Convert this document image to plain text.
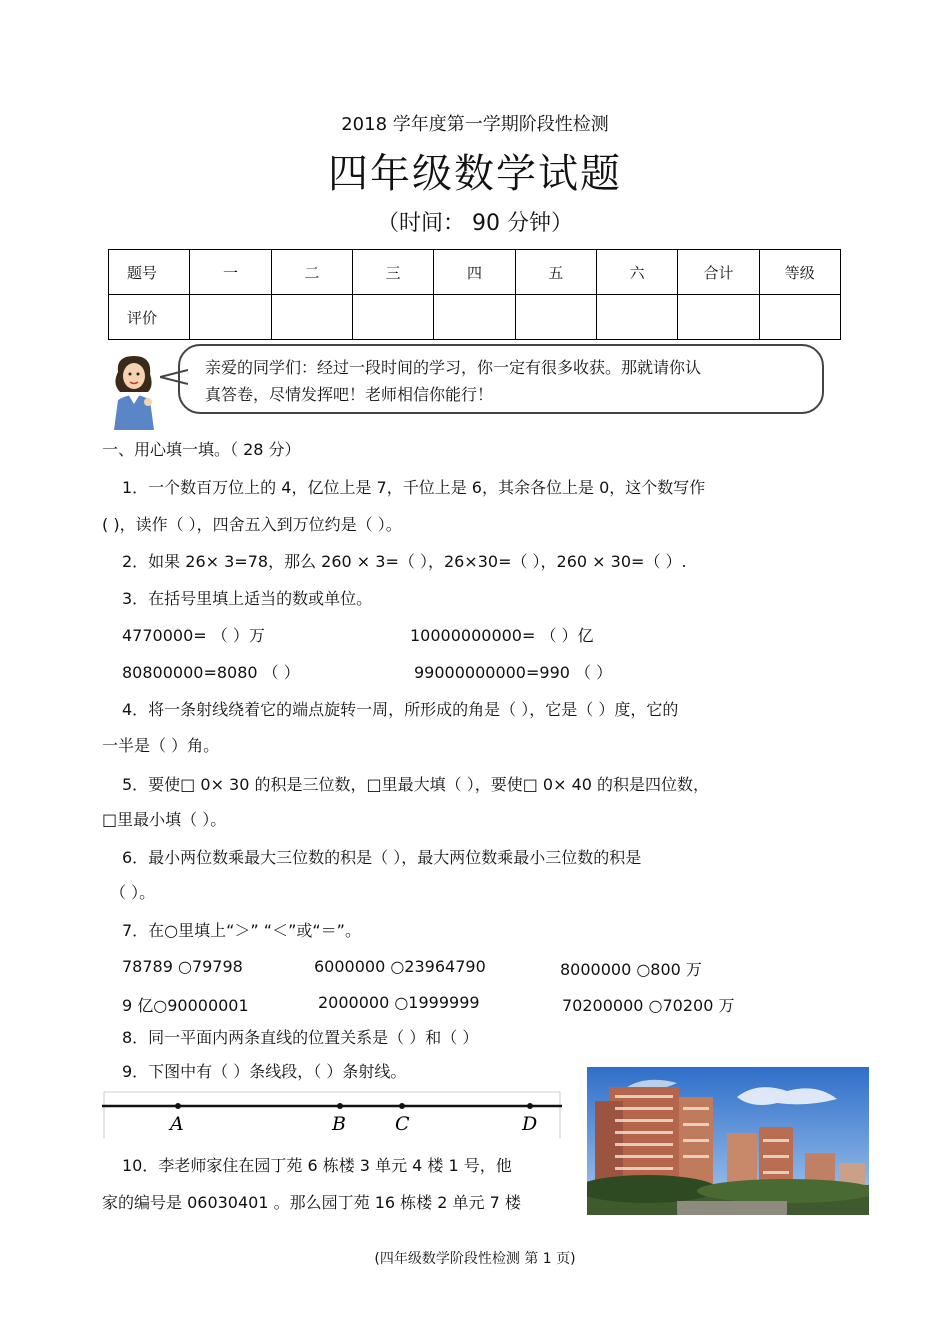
2018 学年度第一学期阶段性检测
四年级数学试题
（时间： 90 分钟）
题号	一	二	三	四	五	六	合计	等级
评价								
亲爱的同学们：经过一段时间的学习，你一定有很多收获。那就请你认
真答卷，尽情发挥吧！老师相信你能行！
一、用心填一填。（ 28 分）
1．一个数百万位上的 4，亿位上是 7，千位上是 6，其余各位上是 0，这个数写作
( )，读作（ ），四舍五入到万位约是（ ）。
2．如果 26× 3=78，那么 260 × 3=（ ），26×30=（ ），260 × 30=（ ）.
3．在括号里填上适当的数或单位。
4770000= （ ）万	10000000000= （ ）亿
80800000=8080 （ ）	99000000000=990 （ ）
4．将一条射线绕着它的端点旋转一周，所形成的角是（ ），它是（ ）度，它的
一半是（ ）角。
5．要使□ 0× 30 的积是三位数，□里最大填（ ），要使□ 0× 40 的积是四位数，
□里最小填（ ）。
6．最小两位数乘最大三位数的积是（ ），最大两位数乘最小三位数的积是
（ ）。
7．在○里填上“＞” “＜”或“＝”。
78789 ○79798	6000000 ○23964790	8000000 ○800 万
9 亿○90000001	2000000 ○1999999	70200000 ○70200 万
8．同一平面内两条直线的位置关系是（ ）和（ ）
9．下图中有（ ）条线段，（ ）条射线。
A	B	C	D
10．李老师家住在园丁苑 6 栋楼 3 单元 4 楼 1 号，他
家的编号是 06030401 。那么园丁苑 16 栋楼 2 单元 7 楼
(四年级数学阶段性检测 第 1 页)
